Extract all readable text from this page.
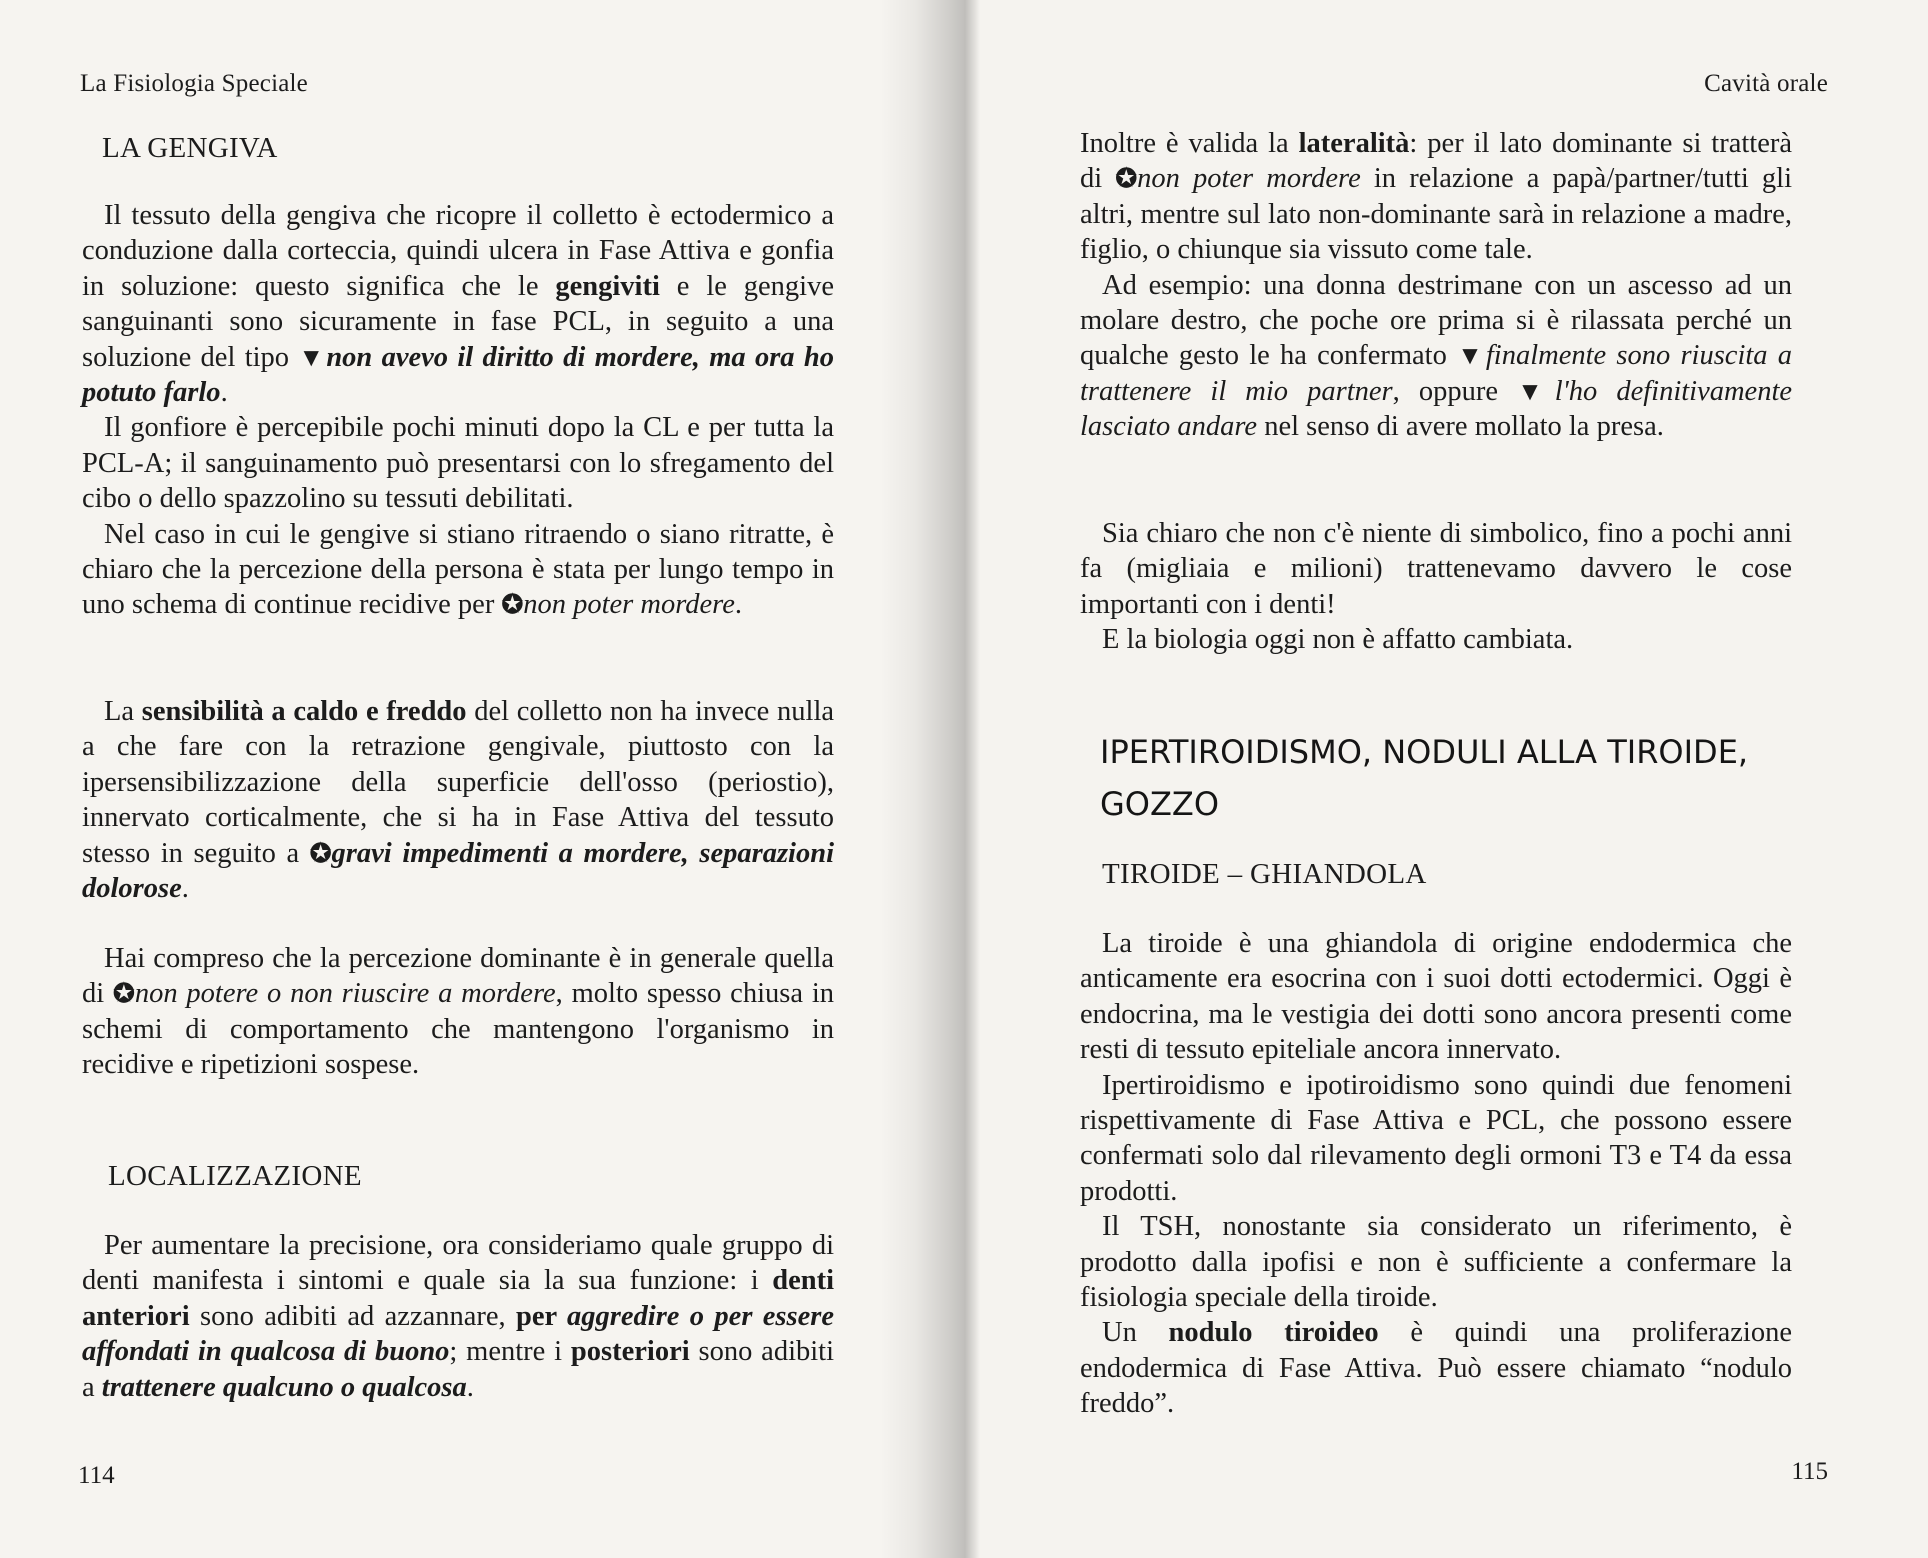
La Fisiologia Speciale
LA GENGIVA

Il tessuto della gengiva che ricopre il colletto è ectodermico a conduzione dalla corteccia, quindi ulcera in Fase Attiva e gonfia in soluzione: questo significa che le gengiviti e le gengive sanguinanti sono sicuramente in fase PCL, in seguito a una soluzione del tipo ▼non avevo il diritto di mordere, ma ora ho potuto farlo.

Il gonfiore è percepibile pochi minuti dopo la CL e per tutta la PCL-A; il sanguinamento può presentarsi con lo sfregamento del cibo o dello spazzolino su tessuti debilitati.

Nel caso in cui le gengive si stiano ritraendo o siano ritratte, è chiaro che la percezione della persona è stata per lungo tempo in uno schema di continue recidive per ✪non poter mordere.

La sensibilità a caldo e freddo del colletto non ha invece nulla a che fare con la retrazione gengivale, piuttosto con la ipersensibilizzazione della superficie dell'osso (periostio), innervato corticalmente, che si ha in Fase Attiva del tessuto stesso in seguito a ✪gravi impedimenti a mordere, separazioni dolorose.

Hai compreso che la percezione dominante è in generale quella di ✪non potere o non riuscire a mordere, molto spesso chiusa in schemi di comportamento che mantengono l'organismo in recidive e ripetizioni sospese.

LOCALIZZAZIONE

Per aumentare la precisione, ora consideriamo quale gruppo di denti manifesta i sintomi e quale sia la sua funzione: i denti anteriori sono adibiti ad azzannare, per aggredire o per essere affondati in qualcosa di buono; mentre i posteriori sono adibiti a trattenere qualcuno o qualcosa.

114
Cavità orale

Inoltre è valida la lateralità: per il lato dominante si tratterà di ✪non poter mordere in relazione a papà/partner/tutti gli altri, mentre sul lato non-dominante sarà in relazione a madre, figlio, o chiunque sia vissuto come tale.

Ad esempio: una donna destrimane con un ascesso ad un molare destro, che poche ore prima si è rilassata perché un qualche gesto le ha confermato ▼finalmente sono riuscita a trattenere il mio partner, oppure ▼l'ho definitivamente lasciato andare nel senso di avere mollato la presa.

Sia chiaro che non c'è niente di simbolico, fino a pochi anni fa (migliaia e milioni) trattenevamo davvero le cose importanti con i denti!

E la biologia oggi non è affatto cambiata.

IPERTIROIDISMO, NODULI ALLA TIROIDE,
GOZZO
TIROIDE – GHIANDOLA

La tiroide è una ghiandola di origine endodermica che anticamente era esocrina con i suoi dotti ectodermici. Oggi è endocrina, ma le vestigia dei dotti sono ancora presenti come resti di tessuto epiteliale ancora innervato.

Ipertiroidismo e ipotiroidismo sono quindi due fenomeni rispettivamente di Fase Attiva e PCL, che possono essere confermati solo dal rilevamento degli ormoni T3 e T4 da essa prodotti.

Il TSH, nonostante sia considerato un riferimento, è prodotto dalla ipofisi e non è sufficiente a confermare la fisiologia speciale della tiroide.

Un nodulo tiroideo è quindi una proliferazione endodermica di Fase Attiva. Può essere chiamato “nodulo freddo”.

115
